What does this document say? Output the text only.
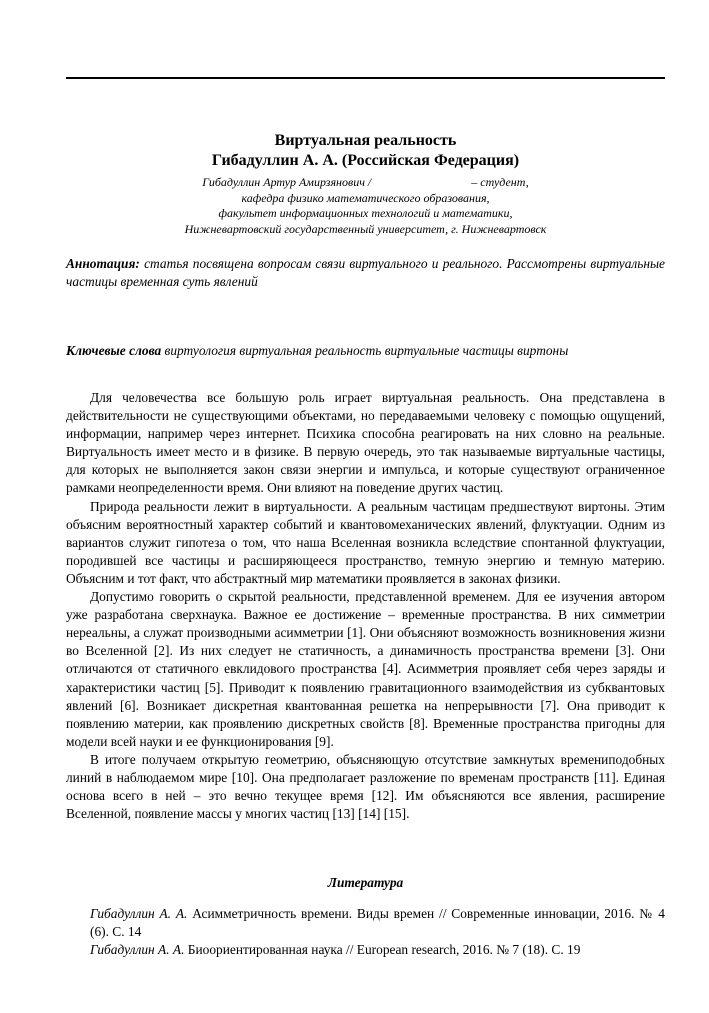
Виртуальная реальность
Гибадуллин А. А. (Российская Федерация)
Гибадуллин Артур Амирзянович /	– студент,
кафедра физико математического образования,
факультет информационных технологий и математики,
Нижневартовский государственный университет, г. Нижневартовск
Аннотация: статья посвящена вопросам связи виртуального и реального. Рассмотрены виртуальные частицы временная суть явлений
Ключевые слова виртуология виртуальная реальность виртуальные частицы виртоны

Для человечества все большую роль играет виртуальная реальность. Она представлена в действительности не существующими объектами, но передаваемыми человеку с помощью ощущений, информации, например через интернет. Психика способна реагировать на них словно на реальные. Виртуальность имеет место и в физике. В первую очередь, это так называемые виртуальные частицы, для которых не выполняется закон связи энергии и импульса, и которые существуют ограниченное рамками неопределенности время. Они влияют на поведение других частиц.

Природа реальности лежит в виртуальности. А реальным частицам предшествуют виртоны. Этим объясним вероятностный характер событий и квантовомеханических явлений, флуктуации. Одним из вариантов служит гипотеза о том, что наша Вселенная возникла вследствие спонтанной флуктуации, породившей все частицы и расширяющееся пространство, темную энергию и темную материю. Объясним и тот факт, что абстрактный мир математики проявляется в законах физики.

Допустимо говорить о скрытой реальности, представленной временем. Для ее изучения автором уже разработана сверхнаука. Важное ее достижение – временные пространства. В них симметрии нереальны, а служат производными асимметрии [1]. Они объясняют возможность возникновения жизни во Вселенной [2]. Из них следует не статичность, а динамичность пространства времени [3]. Они отличаются от статичного евклидового пространства [4]. Асимметрия проявляет себя через заряды и характеристики частиц [5]. Приводит к появлению гравитационного взаимодействия из субквантовых явлений [6]. Возникает дискретная квантованная решетка на непрерывности [7]. Она приводит к появлению материи, как проявлению дискретных свойств [8]. Временные пространства пригодны для модели всей науки и ее функционирования [9].

В итоге получаем открытую геометрию, объясняющую отсутствие замкнутых времениподобных линий в наблюдаемом мире [10]. Она предполагает разложение по временам пространств [11]. Единая основа всего в ней – это вечно текущее время [12]. Им объясняются все явления, расширение Вселенной, появление массы у многих частиц [13] [14] [15].

Литература

Гибадуллин А. А. Асимметричность времени. Виды времен // Современные инновации, 2016. № 4 (6). С. 14

Гибадуллин А. А. Биоориентированная наука // European research, 2016. № 7 (18). С. 19
